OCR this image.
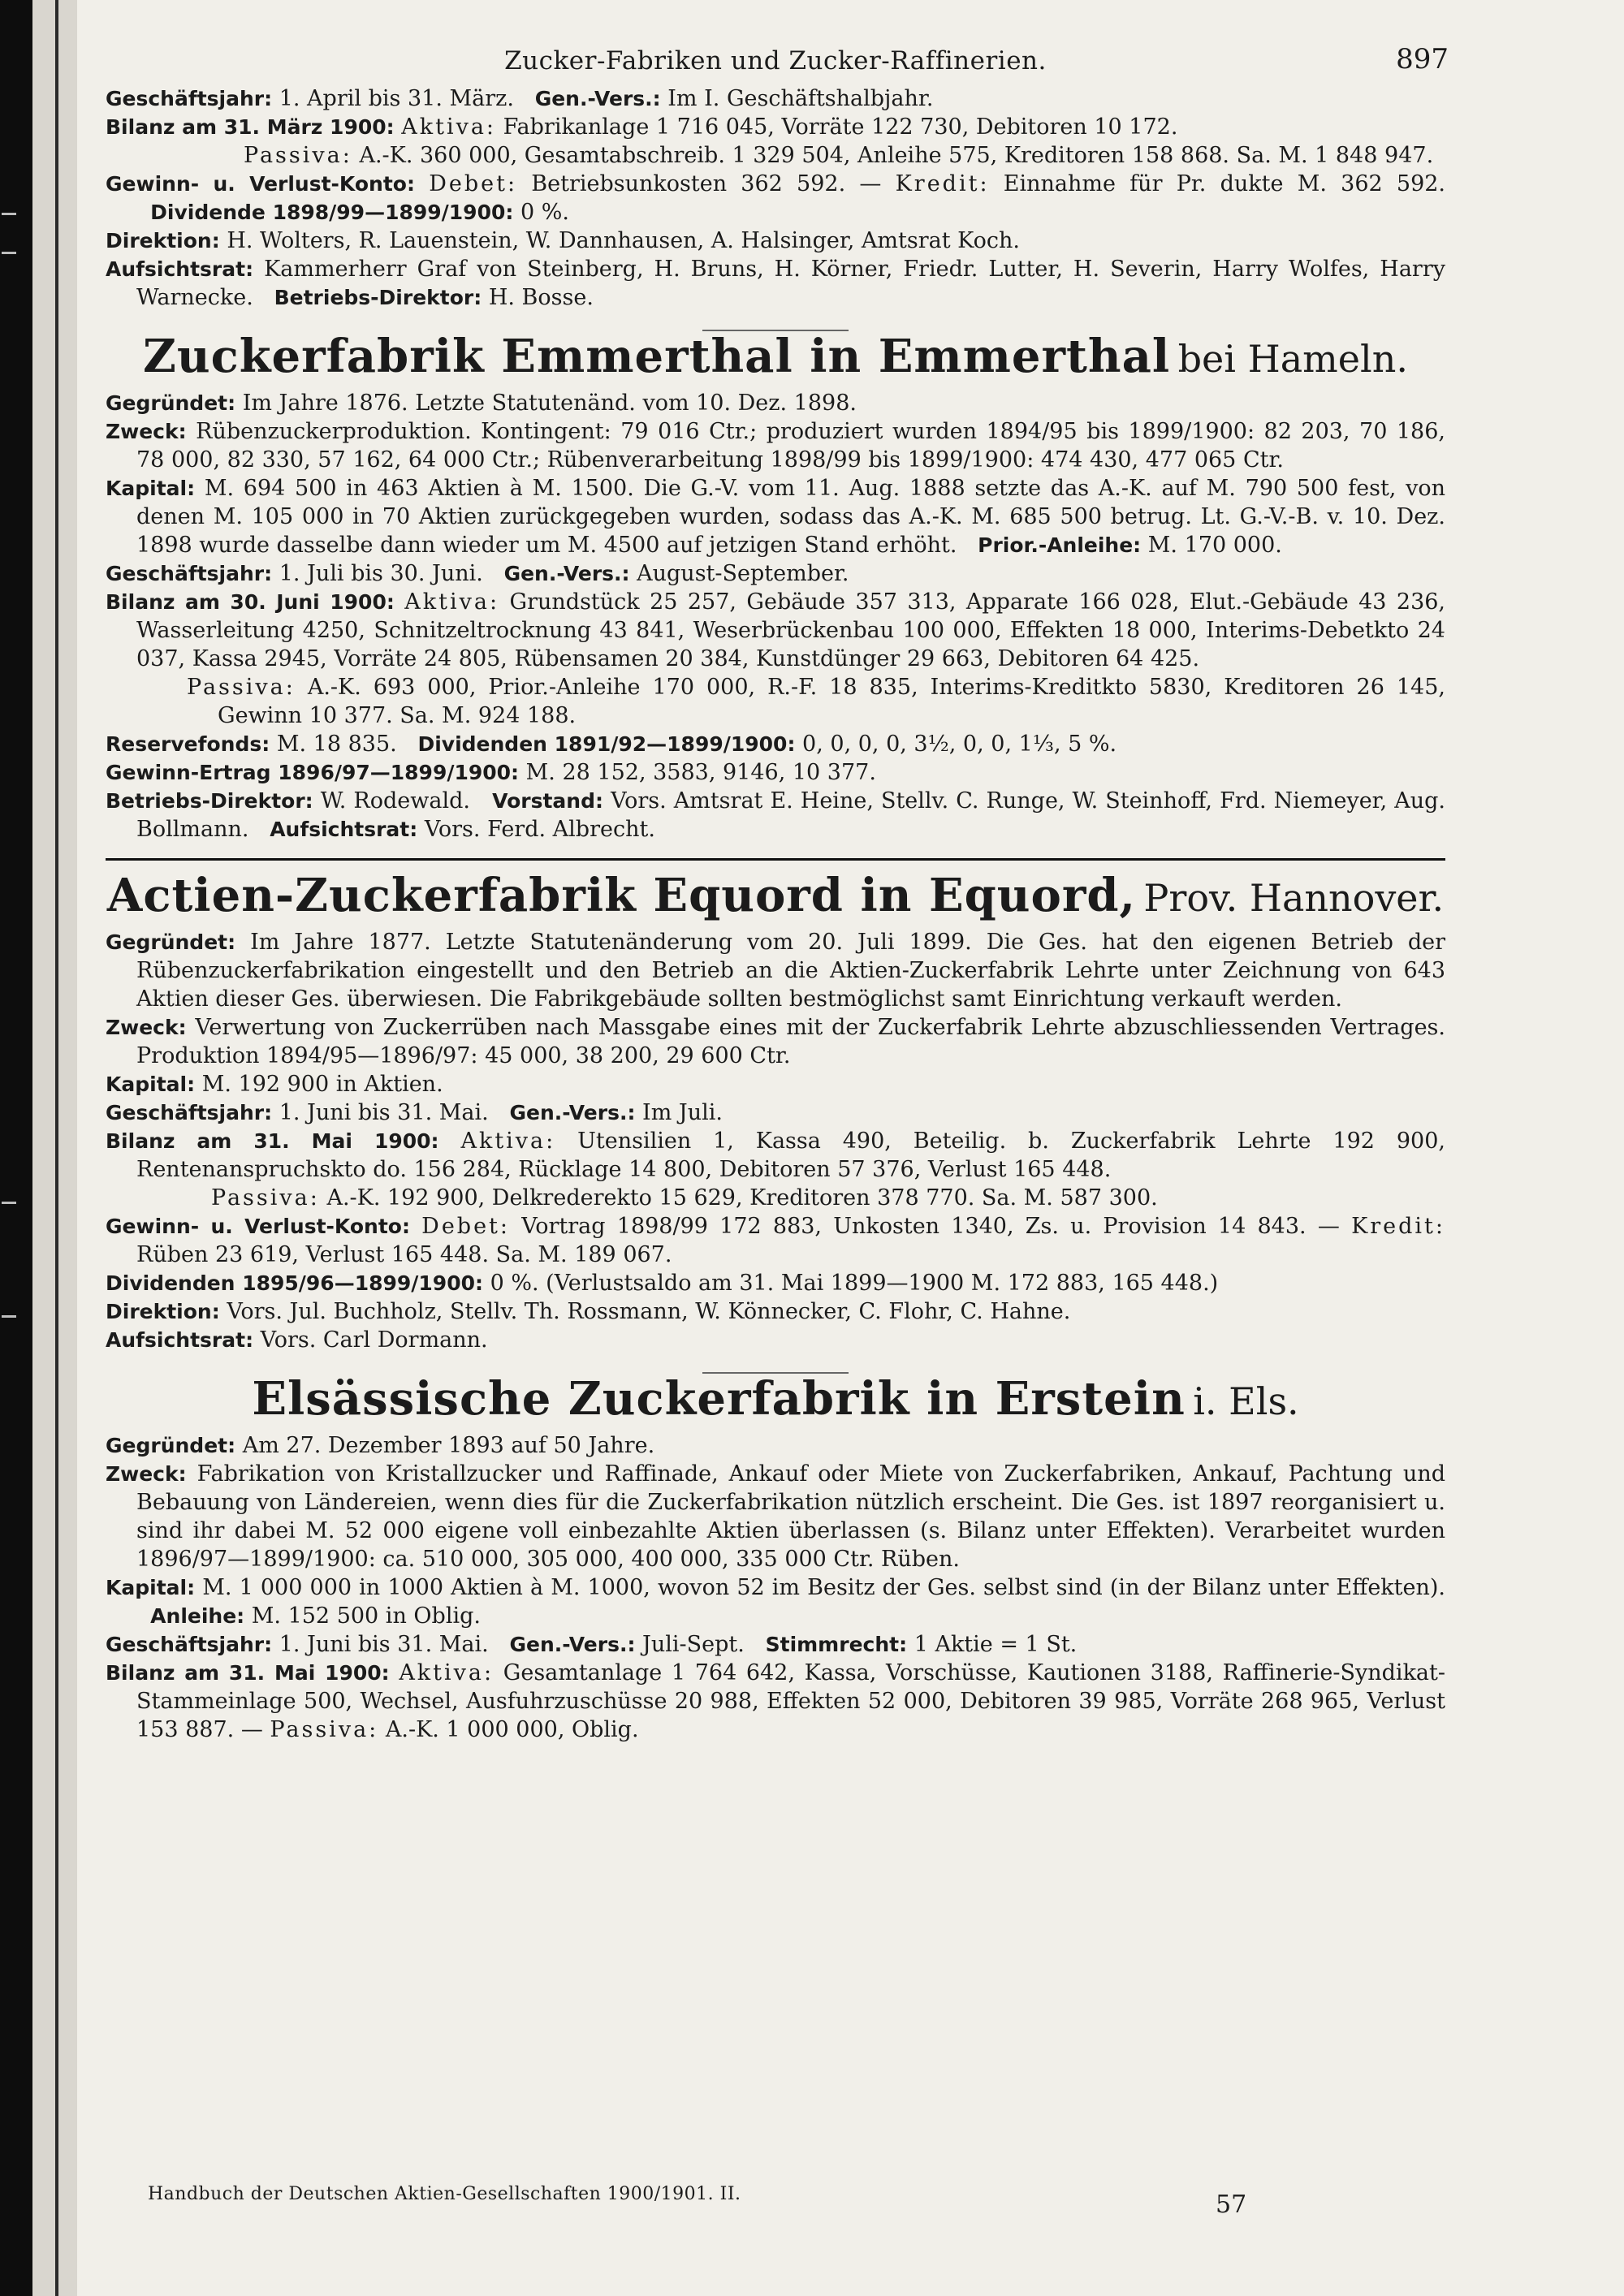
Zucker-Fabriken und Zucker-Raffinerien.	897

Geschäftsjahr: 1. April bis 31. März. Gen.-Vers.: Im I. Geschäftshalbjahr.

Bilanz am 31. März 1900: Aktiva: Fabrikanlage 1 716 045, Vorräte 122 730, Debitoren 10 172.

Passiva: A.-K. 360 000, Gesamtabschreib. 1 329 504, Anleihe 575, Kreditoren 158 868. Sa. M. 1 848 947.

Gewinn- u. Verlust-Konto: Debet: Betriebsunkosten 362 592. — Kredit: Einnahme für Pr. dukte M. 362 592.   Dividende 1898/99—1899/1900: 0 %.

Direktion: H. Wolters, R. Lauenstein, W. Dannhausen, A. Halsinger, Amtsrat Koch.

Aufsichtsrat: Kammerherr Graf von Steinberg, H. Bruns, H. Körner, Friedr. Lutter, H. Severin, Harry Wolfes, Harry Warnecke. Betriebs-Direktor: H. Bosse.

Zuckerfabrik Emmerthal in Emmerthal bei Hameln.

Gegründet: Im Jahre 1876. Letzte Statutenänd. vom 10. Dez. 1898.

Zweck: Rübenzuckerproduktion. Kontingent: 79 016 Ctr.; produziert wurden 1894/95 bis 1899/1900: 82 203, 70 186, 78 000, 82 330, 57 162, 64 000 Ctr.; Rübenverarbeitung 1898/99 bis 1899/1900: 474 430, 477 065 Ctr.

Kapital: M. 694 500 in 463 Aktien à M. 1500. Die G.-V. vom 11. Aug. 1888 setzte das A.-K. auf M. 790 500 fest, von denen M. 105 000 in 70 Aktien zurückgegeben wurden, sodass das A.-K. M. 685 500 betrug. Lt. G.-V.-B. v. 10. Dez. 1898 wurde dasselbe dann wieder um M. 4500 auf jetzigen Stand erhöht. Prior.-Anleihe: M. 170 000.

Geschäftsjahr: 1. Juli bis 30. Juni. Gen.-Vers.: August-September.

Bilanz am 30. Juni 1900: Aktiva: Grundstück 25 257, Gebäude 357 313, Apparate 166 028, Elut.-Gebäude 43 236, Wasserleitung 4250, Schnitzeltrocknung 43 841, Weserbrückenbau 100 000, Effekten 18 000, Interims-Debetkto 24 037, Kassa 2945, Vorräte 24 805, Rübensamen 20 384, Kunstdünger 29 663, Debitoren 64 425.

Passiva: A.-K. 693 000, Prior.-Anleihe 170 000, R.-F. 18 835, Interims-Kreditkto 5830, Kreditoren 26 145, Gewinn 10 377. Sa. M. 924 188.

Reservefonds: M. 18 835. Dividenden 1891/92—1899/1900: 0, 0, 0, 0, 3½, 0, 0, 1⅓, 5 %.

Gewinn-Ertrag 1896/97—1899/1900: M. 28 152, 3583, 9146, 10 377.

Betriebs-Direktor: W. Rodewald. Vorstand: Vors. Amtsrat E. Heine, Stellv. C. Runge, W. Steinhoff, Frd. Niemeyer, Aug. Bollmann. Aufsichtsrat: Vors. Ferd. Albrecht.

Actien-Zuckerfabrik Equord in Equord, Prov. Hannover.

Gegründet: Im Jahre 1877. Letzte Statutenänderung vom 20. Juli 1899. Die Ges. hat den eigenen Betrieb der Rübenzuckerfabrikation eingestellt und den Betrieb an die Aktien-Zuckerfabrik Lehrte unter Zeichnung von 643 Aktien dieser Ges. überwiesen. Die Fabrikgebäude sollten bestmöglichst samt Einrichtung verkauft werden.

Zweck: Verwertung von Zuckerrüben nach Massgabe eines mit der Zuckerfabrik Lehrte abzuschliessenden Vertrages. Produktion 1894/95—1896/97: 45 000, 38 200, 29 600 Ctr.

Kapital: M. 192 900 in Aktien.

Geschäftsjahr: 1. Juni bis 31. Mai. Gen.-Vers.: Im Juli.

Bilanz am 31. Mai 1900: Aktiva: Utensilien 1, Kassa 490, Beteilig. b. Zuckerfabrik Lehrte 192 900, Rentenanspruchskto do. 156 284, Rücklage 14 800, Debitoren 57 376, Verlust 165 448.

Passiva: A.-K. 192 900, Delkrederekto 15 629, Kreditoren 378 770. Sa. M. 587 300.

Gewinn- u. Verlust-Konto: Debet: Vortrag 1898/99 172 883, Unkosten 1340, Zs. u. Provision 14 843. — Kredit: Rüben 23 619, Verlust 165 448. Sa. M. 189 067.

Dividenden 1895/96—1899/1900: 0 %. (Verlustsaldo am 31. Mai 1899—1900 M. 172 883, 165 448.)

Direktion: Vors. Jul. Buchholz, Stellv. Th. Rossmann, W. Könnecker, C. Flohr, C. Hahne.

Aufsichtsrat: Vors. Carl Dormann.

Elsässische Zuckerfabrik in Erstein i. Els.

Gegründet: Am 27. Dezember 1893 auf 50 Jahre.

Zweck: Fabrikation von Kristallzucker und Raffinade, Ankauf oder Miete von Zuckerfabriken, Ankauf, Pachtung und Bebauung von Ländereien, wenn dies für die Zuckerfabrikation nützlich erscheint. Die Ges. ist 1897 reorganisiert u. sind ihr dabei M. 52 000 eigene voll einbezahlte Aktien überlassen (s. Bilanz unter Effekten). Verarbeitet wurden 1896/97—1899/1900: ca. 510 000, 305 000, 400 000, 335 000 Ctr. Rüben.

Kapital: M. 1 000 000 in 1000 Aktien à M. 1000, wovon 52 im Besitz der Ges. selbst sind (in der Bilanz unter Effekten).   Anleihe: M. 152 500 in Oblig.

Geschäftsjahr: 1. Juni bis 31. Mai. Gen.-Vers.: Juli-Sept. Stimmrecht: 1 Aktie = 1 St.

Bilanz am 31. Mai 1900: Aktiva: Gesamtanlage 1 764 642, Kassa, Vorschüsse, Kautionen 3188, Raffinerie-Syndikat-Stammeinlage 500, Wechsel, Ausfuhrzuschüsse 20 988, Effekten 52 000, Debitoren 39 985, Vorräte 268 965, Verlust 153 887. — Passiva: A.-K. 1 000 000, Oblig.

Handbuch der Deutschen Aktien-Gesellschaften 1900/1901. II.	57
